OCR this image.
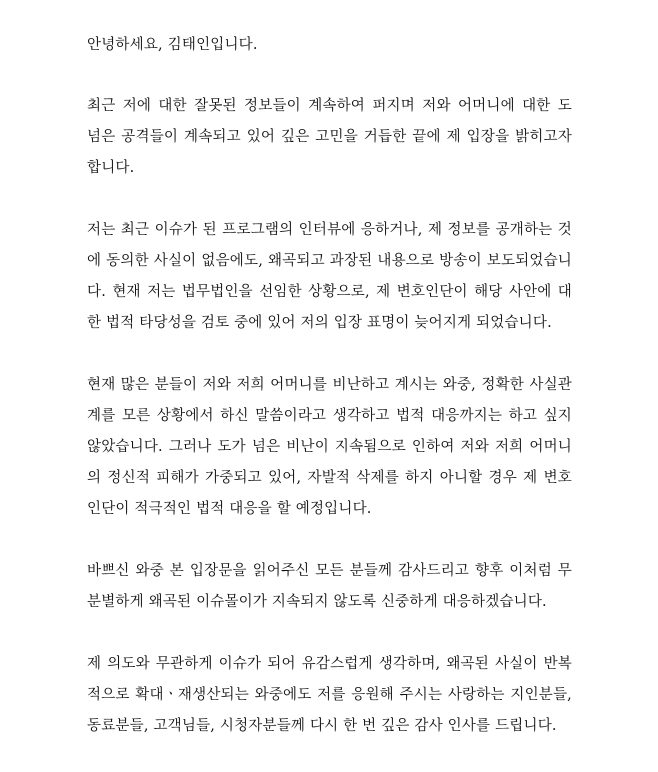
안녕하세요, 김태인입니다.
최근 저에 대한 잘못된 정보들이 계속하여 퍼지며 저와 어머니에 대한 도
넘은 공격들이 계속되고 있어 깊은 고민을 거듭한 끝에 제 입장을 밝히고자
합니다.
저는 최근 이슈가 된 프로그램의 인터뷰에 응하거나, 제 정보를 공개하는 것
에 동의한 사실이 없음에도, 왜곡되고 과장된 내용으로 방송이 보도되었습니
다. 현재 저는 법무법인을 선임한 상황으로, 제 변호인단이 해당 사안에 대
한 법적 타당성을 검토 중에 있어 저의 입장 표명이 늦어지게 되었습니다.
현재 많은 분들이 저와 저희 어머니를 비난하고 계시는 와중, 정확한 사실관
계를 모른 상황에서 하신 말씀이라고 생각하고 법적 대응까지는 하고 싶지
않았습니다. 그러나 도가 넘은 비난이 지속됨으로 인하여 저와 저희 어머니
의 정신적 피해가 가중되고 있어, 자발적 삭제를 하지 아니할 경우 제 변호
인단이 적극적인 법적 대응을 할 예정입니다.
바쁘신 와중 본 입장문을 읽어주신 모든 분들께 감사드리고 향후 이처럼 무
분별하게 왜곡된 이슈몰이가 지속되지 않도록 신중하게 대응하겠습니다.
제 의도와 무관하게 이슈가 되어 유감스럽게 생각하며, 왜곡된 사실이 반복
적으로 확대ㆍ재생산되는 와중에도 저를 응원해 주시는 사랑하는 지인분들,
동료분들, 고객님들, 시청자분들께 다시 한 번 깊은 감사 인사를 드립니다.
